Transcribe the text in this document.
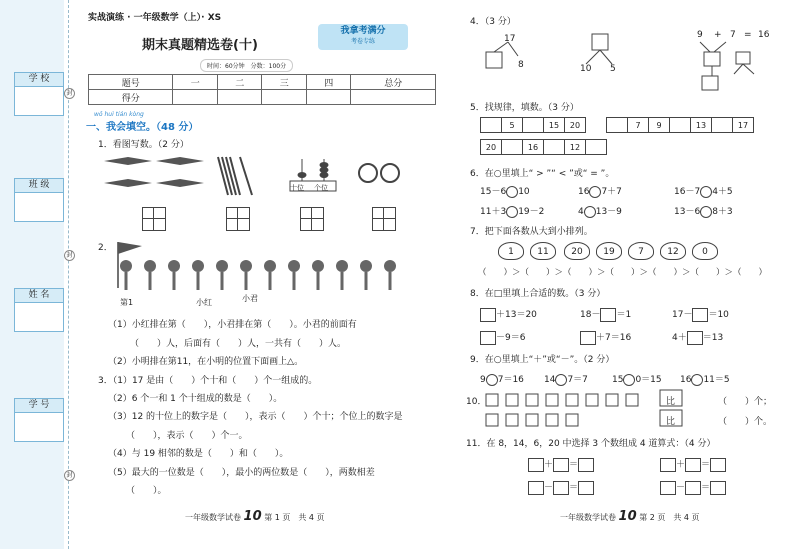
学 校
班 级
姓 名
学 号
封
封
封
实战演练 · 一年级数学（上）· XS
期末真题精选卷(十)
时间：60分钟　分数：100分
我拿考满分
考卷专练
题号	一	二	三	四	总分
得分					
wǒ huì tián kòng
一、我会填空。（48 分）
1．看图写数。（2 分）
十位 个位
2．
第1	小红	小君
（1）小红排在第（　　），小君排在第（　　）。小君的前面有
（　　）人，后面有（　　）人，一共有（　　）人。
（2）小明排在第11，在小明的位置下面画上△。
3．（1）17 是由（　　）个十和（　　）个一组成的。
（2）6 个一和 1 个十组成的数是（　　）。
（3）12 的十位上的数字是（　　），表示（　　）个十；个位上的数字是
（　　），表示（　　）个一。
（4）与 19 相邻的数是（　　）和（　　）。
（5）最大的一位数是（　　），最小的两位数是（　　），两数相差
（　　）。
一年级数学试卷 10 第 1 页　共 4 页
4．（3 分）
17
8	10 5
9 + 7 = 16
5．找规律，填数。（3 分）
	5		15	20
		7	9		13		17
20		16		12	
6．在○里填上“ > ”“ < ”或“ = ”。
15－6 10	16 7＋7	16－7 4＋5
11＋3 19－2	4 13－9	13－6 8＋3
7．把下面各数从大到小排列。
1	11	20	19	7	12	0
（　　）＞（　　）＞（　　）＞（　　）＞（　　）＞（　　）＞（　　）
8．在□里填上合适的数。（3 分）
＋13＝20	18－ ＝1	17－ ＝10
－9＝6	＋7＝16	4＋ ＝13
9．在○里填上“＋”或“－”。（2 分）
9 7＝16 14 7＝7	15 0＝15 16 11＝5
10．	比	（　　）个；
比	（　　）个。
11．在 8，14，6，20 中选择 3 个数组成 4 道算式：（4 分）
＋ ＝	＋ ＝
－ ＝	－ ＝
一年级数学试卷 10 第 2 页　共 4 页
